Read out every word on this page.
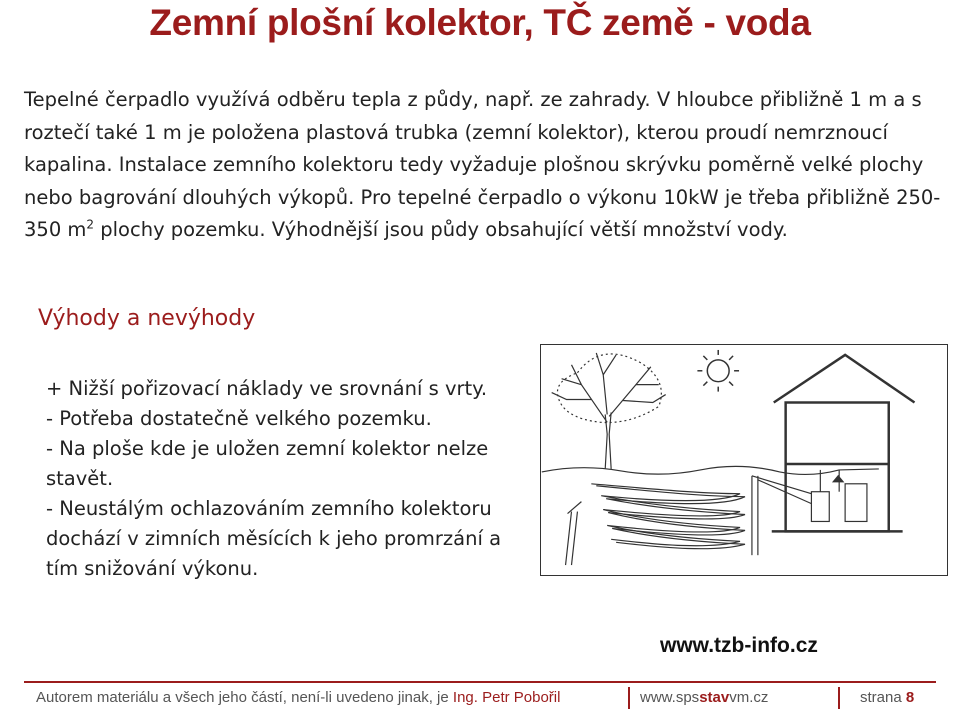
Zemní plošní kolektor, TČ země - voda
Tepelné čerpadlo využívá odběru tepla z půdy, např. ze zahrady. V hloubce přibližně 1 m a s roztečí také 1 m je položena plastová trubka (zemní kolektor), kterou proudí nemrznoucí kapalina. Instalace zemního kolektoru tedy vyžaduje plošnou skrývku poměrně velké plochy nebo bagrování dlouhých výkopů. Pro tepelné čerpadlo o výkonu 10kW je třeba přibližně 250-350 $m^2$ plochy pozemku. Výhodnější jsou půdy obsahující větší množství vody.
Výhody a nevýhody
+ Nižší pořizovací náklady ve srovnání s vrty.
- Potřeba dostatečně velkého pozemku.
- Na ploše kde je uložen zemní kolektor nelze stavět.
- Neustálým ochlazováním zemního kolektoru dochází v zimních měsících k jeho promrzání a tím snižování výkonu.
www.tzb-info.cz
Autorem materiálu a všech jeho částí, není-li uvedeno jinak, je Ing. Petr Pobořil	www.spsstavvm.cz	strana 8
